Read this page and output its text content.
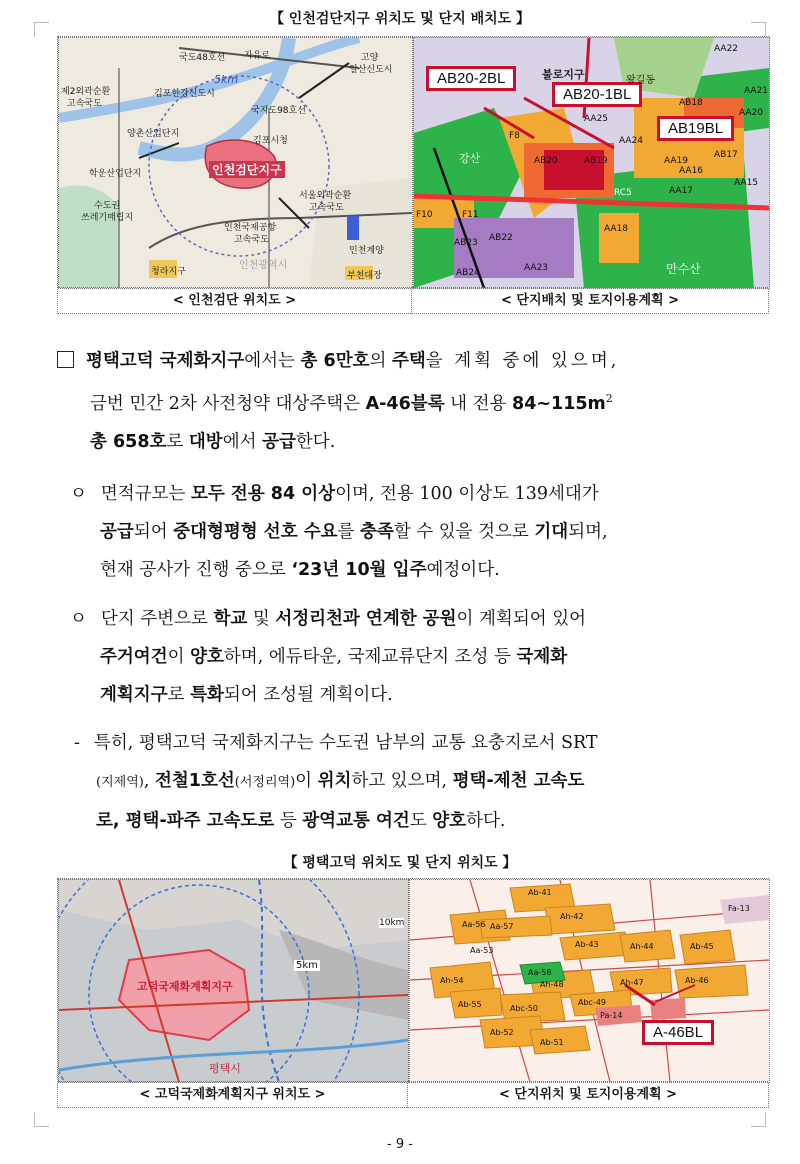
【 인천검단지구 위치도 및 단지 배치도 】
국도48호선 자유로	고양
일산신도시
5km
제2외곽순환
고속국도
김포한강신도시
국지도98호선
양촌산업단지
김포시청
학운산업단지	인천검단지구
수도권
쓰레기매립지
서울외곽순환
고속국도
인천국제공항
고속국도
인천광역시
청라지구	부천대장
인천계양
AB20-2BL
AB20-1BL
AB19BL
불로지구	왕길동
AA22
AA21
AB18
AA20
AA25
AB17
AA19
F8	AA24
AA16
강산	AB20	AB19
AA15
RC5	AA17
F10	F11
AA18
AB23 AB22
AA23
AB24	만수산
< 인천검단 위치도 >	< 단지배치 및 토지이용계획 >
평택고덕 국제화지구에서는 총 6만호의 주택을 계획 중에 있으며,
금번 민간 2차 사전청약 대상주택은 A-46블록 내 전용 $84\sim 115m^2$
총 658호로 대방에서 공급한다.
ㅇ 면적규모는 모두 전용 84 이상이며, 전용 100 이상도 139세대가
공급되어 중대형평형 선호 수요를 충족할 수 있을 것으로 기대되며,
현재 공사가 진행 중으로 ‘23년 10월 입주예정이다.
ㅇ 단지 주변으로 학교 및 서정리천과 연계한 공원이 계획되어 있어
주거여건이 양호하며, 에듀타운, 국제교류단지 조성 등 국제화
계획지구로 특화되어 조성될 계획이다.
- 특히, 평택고덕 국제화지구는 수도권 남부의 교통 요충지로서 SRT
(지제역), 전철1호선(서정리역)이 위치하고 있으며, 평택-제천 고속도
로, 평택-파주 고속도로 등 광역교통 여건도 양호하다.
【 평택고덕 위치도 및 단지 위치도 】
5km
10km
고덕국제화계획지구
평택시
A-46BL
Ab-41
Ah-42
Aa-56 Aa-57
Ab-43	Ah-44	Ab-45
Aa-58
Ah-54	Ah-48	Ah-47	Ab-46
Ab-55	Abc-49
Abc-50
Ab-52
Ab-51
Fa-13
Pa-14
Aa-53
< 고덕국제화계획지구 위치도 >	< 단지위치 및 토지이용계획 >
- 9 -
